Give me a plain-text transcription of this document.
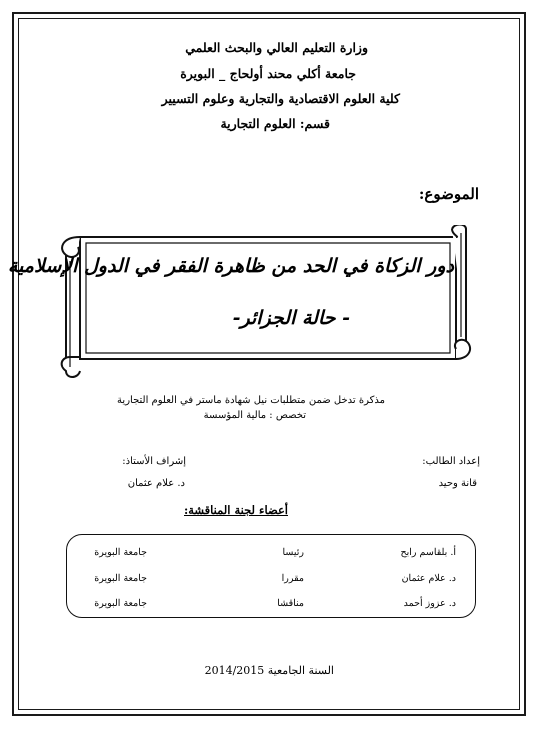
وزارة التعليم العالي والبحث العلمي
جامعة أكلي محند أولحاج _ البويرة
كلية العلوم الاقتصادية والتجارية وعلوم التسيير
قسم: العلوم التجارية
الموضوع:
دور الزكاة في الحد من ظاهرة الفقر في الدول الإسلامية
- حالة الجزائر-
مذكرة تدخل ضمن متطلبات نيل شهادة ماستر في العلوم التجارية
تخصص : مالية المؤسسة
إعداد الطالب:
قانة وحيد
إشراف الأستاذ:
د. علام عثمان
أعضاء لجنة المناقشة:
أ. بلقاسم رابح
رئيسا
جامعة البويرة
د. علام عثمان
مقررا
جامعة البويرة
د. عزوز أحمد
مناقشا
جامعة البويرة
السنة الجامعية 2014/2015
